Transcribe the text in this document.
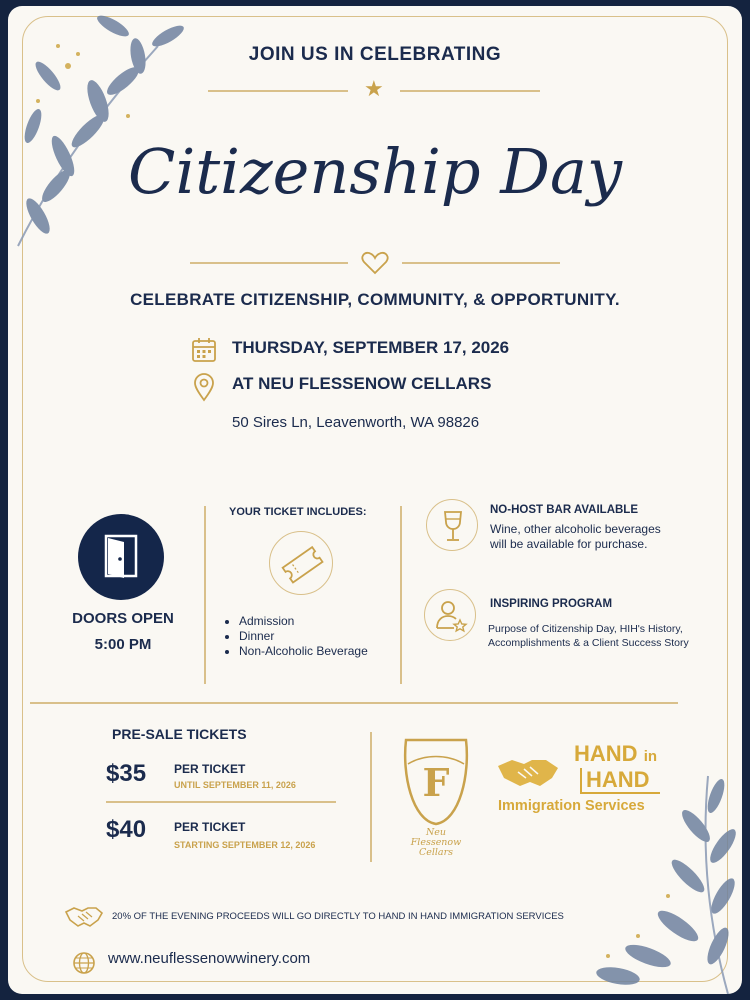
JOIN US IN CELEBRATING
★
Citizenship Day
CELEBRATE CITIZENSHIP, COMMUNITY, & OPPORTUNITY.
THURSDAY, SEPTEMBER 17, 2026
AT NEU FLESSENOW CELLARS
50 Sires Ln, Leavenworth, WA 98826
DOORS OPEN
5:00 PM
YOUR TICKET INCLUDES:
• Admission
• Dinner
• Non-Alcoholic Beverage
NO-HOST BAR AVAILABLE
Wine, other alcoholic beverages will be available for purchase.
INSPIRING PROGRAM
Purpose of Citizenship Day, HIH's History, Accomplishments & a Client Success Story
PRE-SALE TICKETS
$35 PER TICKET
UNTIL SEPTEMBER 11, 2026
$40 PER TICKET
STARTING SEPTEMBER 12, 2026
F
Neu
Flessenow
Cellars
HAND in
HAND
Immigration Services
20% OF THE EVENING PROCEEDS WILL GO DIRECTLY TO HAND IN HAND IMMIGRATION SERVICES
www.neuflessenowwinery.com
